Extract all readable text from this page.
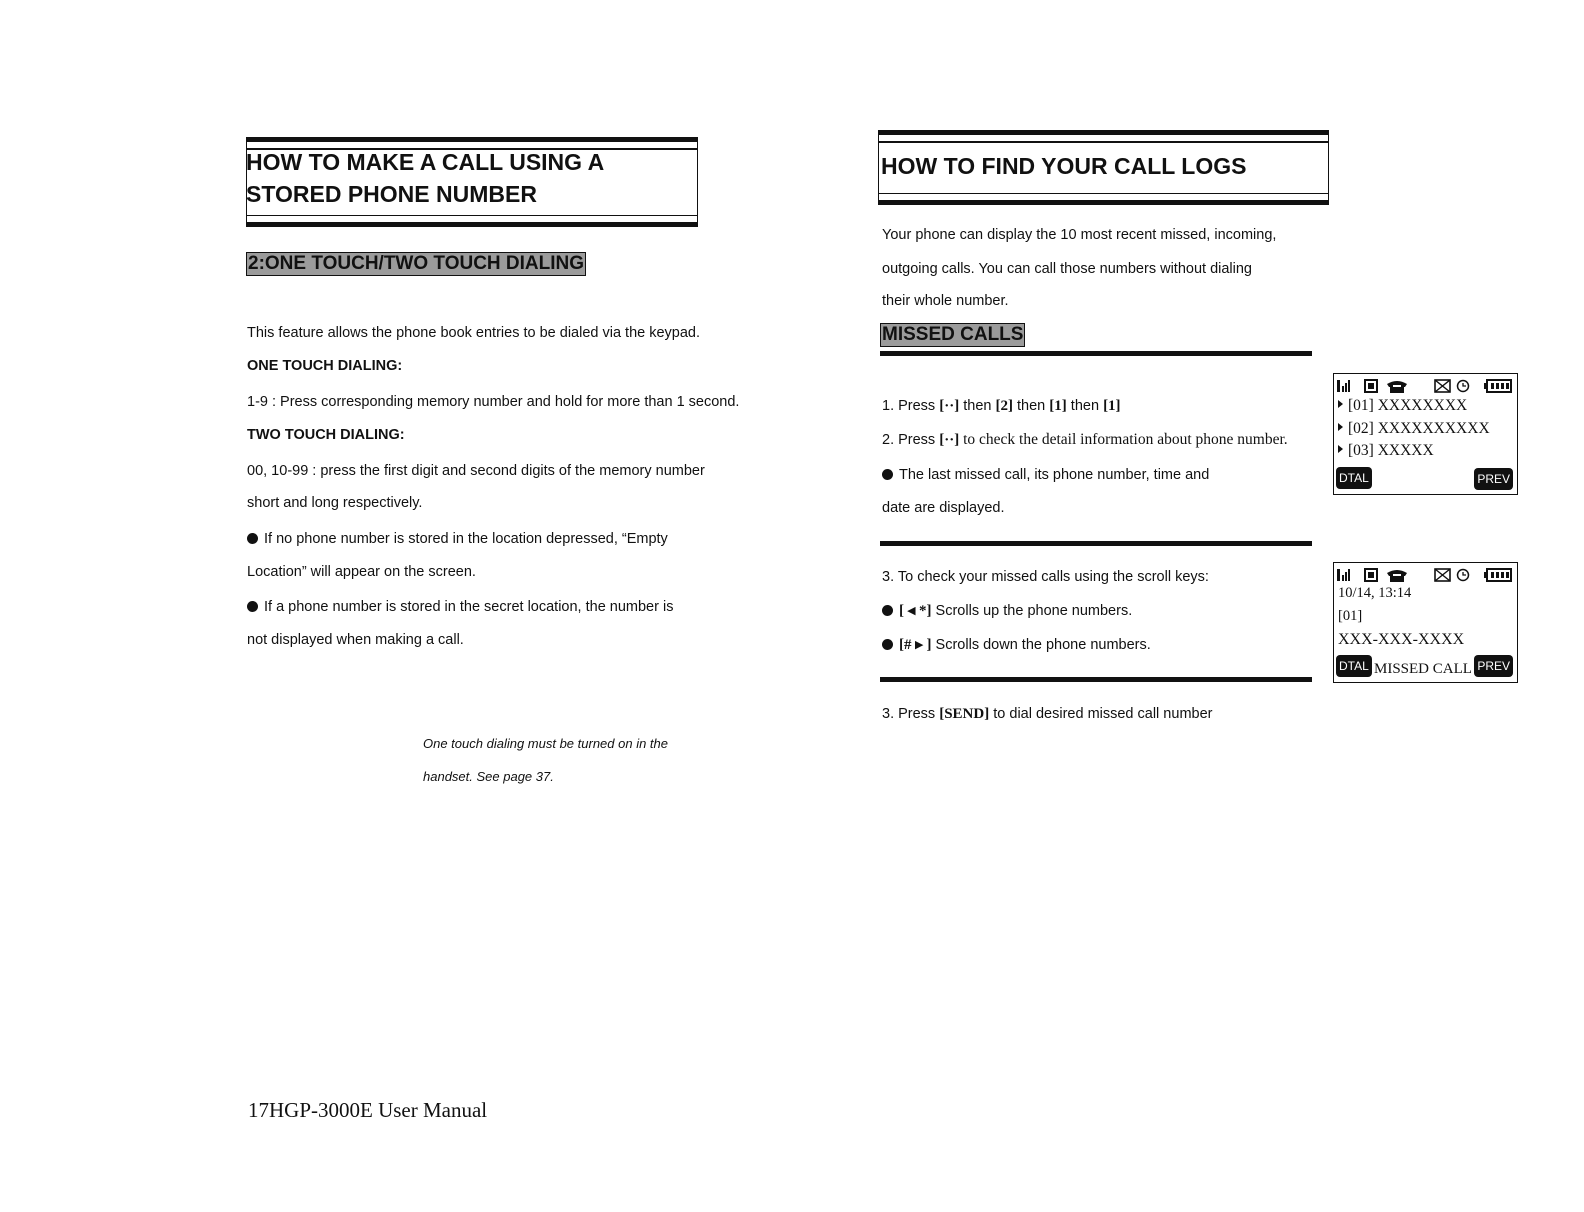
HOW TO MAKE A CALL USING A
STORED PHONE NUMBER
2:ONE TOUCH/TWO TOUCH DIALING
This feature allows the phone book entries to be dialed via the keypad.
ONE TOUCH DIALING:
1-9 : Press corresponding memory number and hold for more than 1 second.
TWO TOUCH DIALING:
00, 10-99 : press the first digit and second digits of the memory number
short and long respectively.
If no phone number is stored in the location depressed, “Empty
Location” will appear on the screen.
If a phone number is stored in the secret location, the number is
not displayed when making a call.
One touch dialing must be turned on in the
handset. See page 37.
17HGP-3000E User Manual
HOW TO FIND YOUR CALL LOGS
Your phone can display the 10 most recent missed, incoming,
outgoing calls. You can call those numbers without dialing
their whole number.
MISSED CALLS
1. Press [··] then [2] then [1] then [1]
2. Press [··] to check the detail information about phone number.
The last missed call, its phone number, time and
date are displayed.
3. To check your missed calls using the scroll keys:
[ ◂ *] Scrolls up the phone numbers.
[# ▸ ] Scrolls down the phone numbers.
3. Press [SEND] to dial desired missed call number
[01] XXXXXXXX
[02] XXXXXXXXXX
[03] XXXXX
DTAL	PREV
10/14, 13:14
[01]
XXX-XXX-XXXX
DTAL MISSED CALL PREV
